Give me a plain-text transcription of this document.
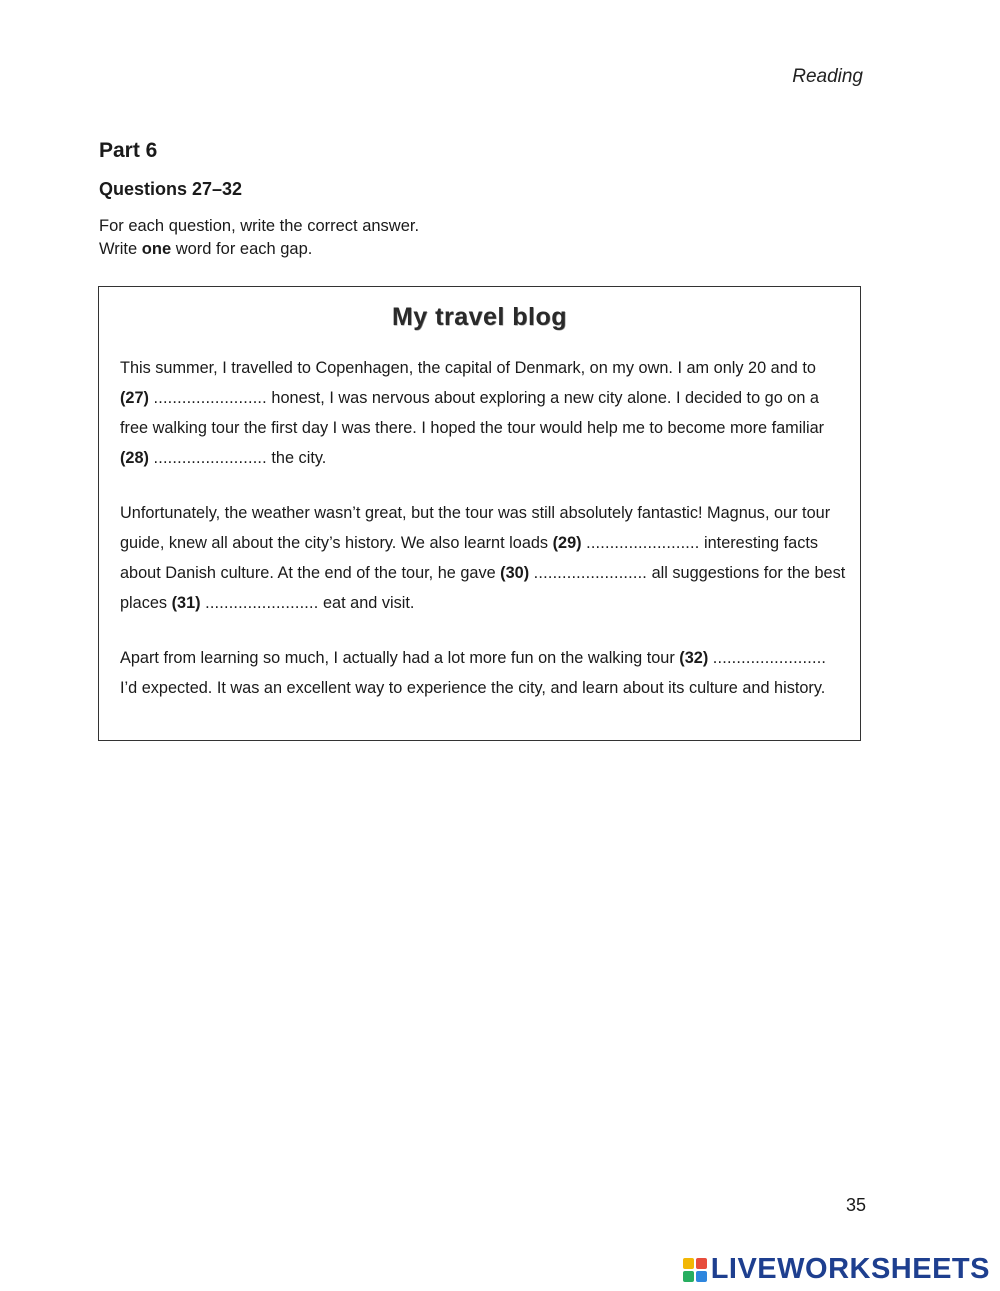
Reading
Part 6
Questions 27–32
For each question, write the correct answer.
Write one word for each gap.
My travel blog

This summer, I travelled to Copenhagen, the capital of Denmark, on my own. I am only 20 and to (27) ........................ honest, I was nervous about exploring a new city alone. I decided to go on a free walking tour the first day I was there. I hoped the tour would help me to become more familiar (28) ........................ the city.

Unfortunately, the weather wasn’t great, but the tour was still absolutely fantastic! Magnus, our tour guide, knew all about the city’s history. We also learnt loads (29) ........................ interesting facts about Danish culture. At the end of the tour, he gave (30) ........................ all suggestions for the best places (31) ........................ eat and visit.

Apart from learning so much, I actually had a lot more fun on the walking tour (32) ........................ I’d expected. It was an excellent way to experience the city, and learn about its culture and history.

35
LIVEWORKSHEETS
